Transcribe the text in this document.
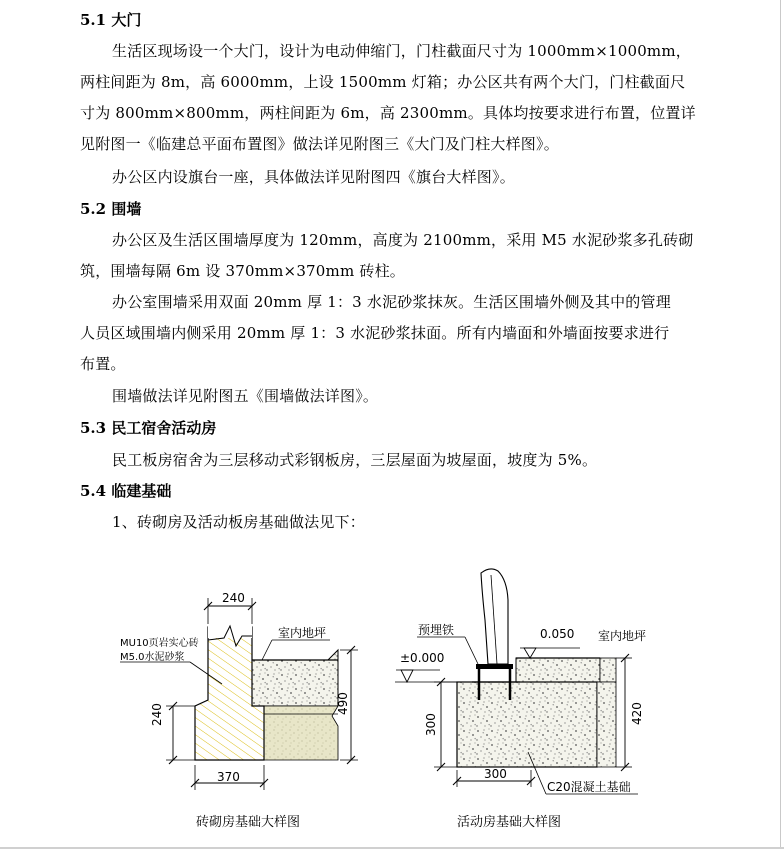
5.1 大门
生活区现场设一个大门，设计为电动伸缩门，门柱截面尺寸为 1000mm×1000mm，
两柱间距为 8m，高 6000mm，上设 1500mm 灯箱；办公区共有两个大门，门柱截面尺
寸为 800mm×800mm，两柱间距为 6m，高 2300mm。具体均按要求进行布置，位置详
见附图一《临建总平面布置图》做法详见附图三《大门及门柱大样图》。
办公区内设旗台一座，具体做法详见附图四《旗台大样图》。
5.2 围墙
办公区及生活区围墙厚度为 120mm，高度为 2100mm，采用 M5 水泥砂浆多孔砖砌
筑，围墙每隔 6m 设 370mm×370mm 砖柱。
办公室围墙采用双面 20mm 厚 1：3 水泥砂浆抹灰。生活区围墙外侧及其中的管理
人员区域围墙内侧采用 20mm 厚 1：3 水泥砂浆抹面。所有内墙面和外墙面按要求进行
布置。
围墙做法详见附图五《围墙做法详图》。
5.3 民工宿舍活动房
民工板房宿舍为三层移动式彩钢板房，三层屋面为坡屋面，坡度为 5%。
5.4 临建基础
1、砖砌房及活动板房基础做法见下：
240
370
240	490
MU10页岩实心砖
M5.0水泥砂浆
室内地坪
砖砌房基础大样图
预埋铁
±0.000
0.050 室内地坪
300	420
300
C20混凝土基础
活动房基础大样图
